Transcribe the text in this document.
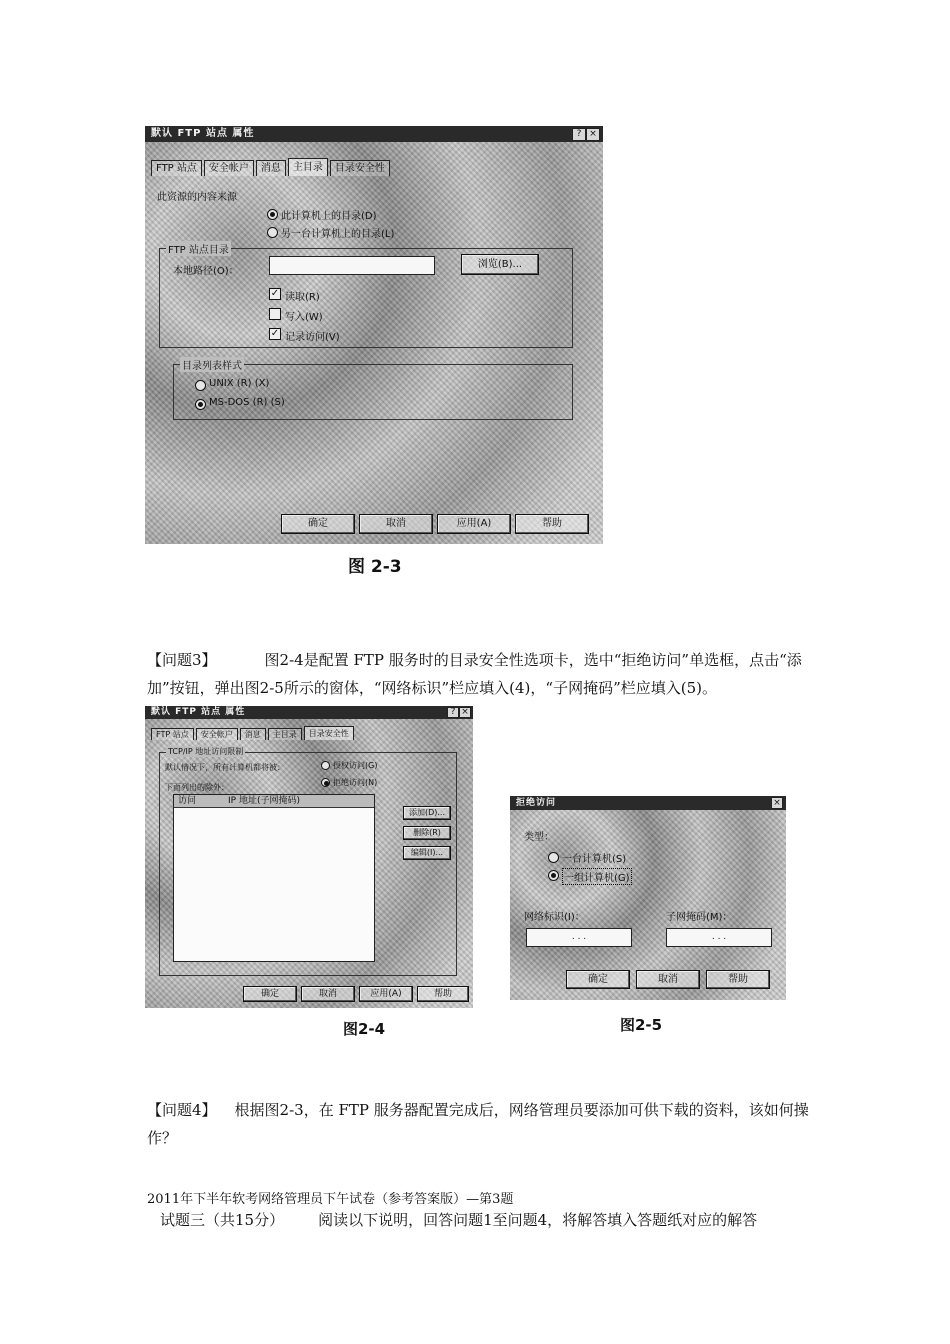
默认 FTP 站点 属性	? ×
FTP 站点	安全帐户	消息	主目录	目录安全性
此资源的内容来源
此计算机上的目录(D)
另一台计算机上的目录(L)
FTP 站点目录
本地路径(O)：
浏览(B)...
✓ 读取(R)
写入(W)
✓ 记录访问(V)
目录列表样式
UNIX (R) (X)
MS-DOS (R) (S)
确定	取消	应用(A)	帮助
图 2-3
【问题3】	图2-4是配置 FTP 服务时的目录安全性选项卡，选中“拒绝访问”单选框，点击“添加”按钮，弹出图2-5所示的窗体，“网络标识”栏应填入(4)，“子网掩码”栏应填入(5)。
默认 FTP 站点 属性	? ×
FTP 站点	安全帐户	消息	主目录	目录安全性
TCP/IP 地址访问限制
默认情况下，所有计算机都将被：	授权访问(G)
拒绝访问(N)
下面列出的除外：
访问	IP 地址(子网掩码)
添加(D)...
删除(R)
编辑(I)...
确定	取消	应用(A)	帮助
图2-4
拒绝访问	×
类型：
一台计算机(S)
一组计算机(G)
网络标识(I)：
. . .
子网掩码(M)：
. . .
确定	取消	帮助
图2-5
【问题4】 根据图2-3，在 FTP 服务器配置完成后，网络管理员要添加可供下载的资料，该如何操作？
2011年下半年软考网络管理员下午试卷（参考答案版）—第3题
试题三（共15分） 阅读以下说明，回答问题1至问题4，将解答填入答题纸对应的解答
